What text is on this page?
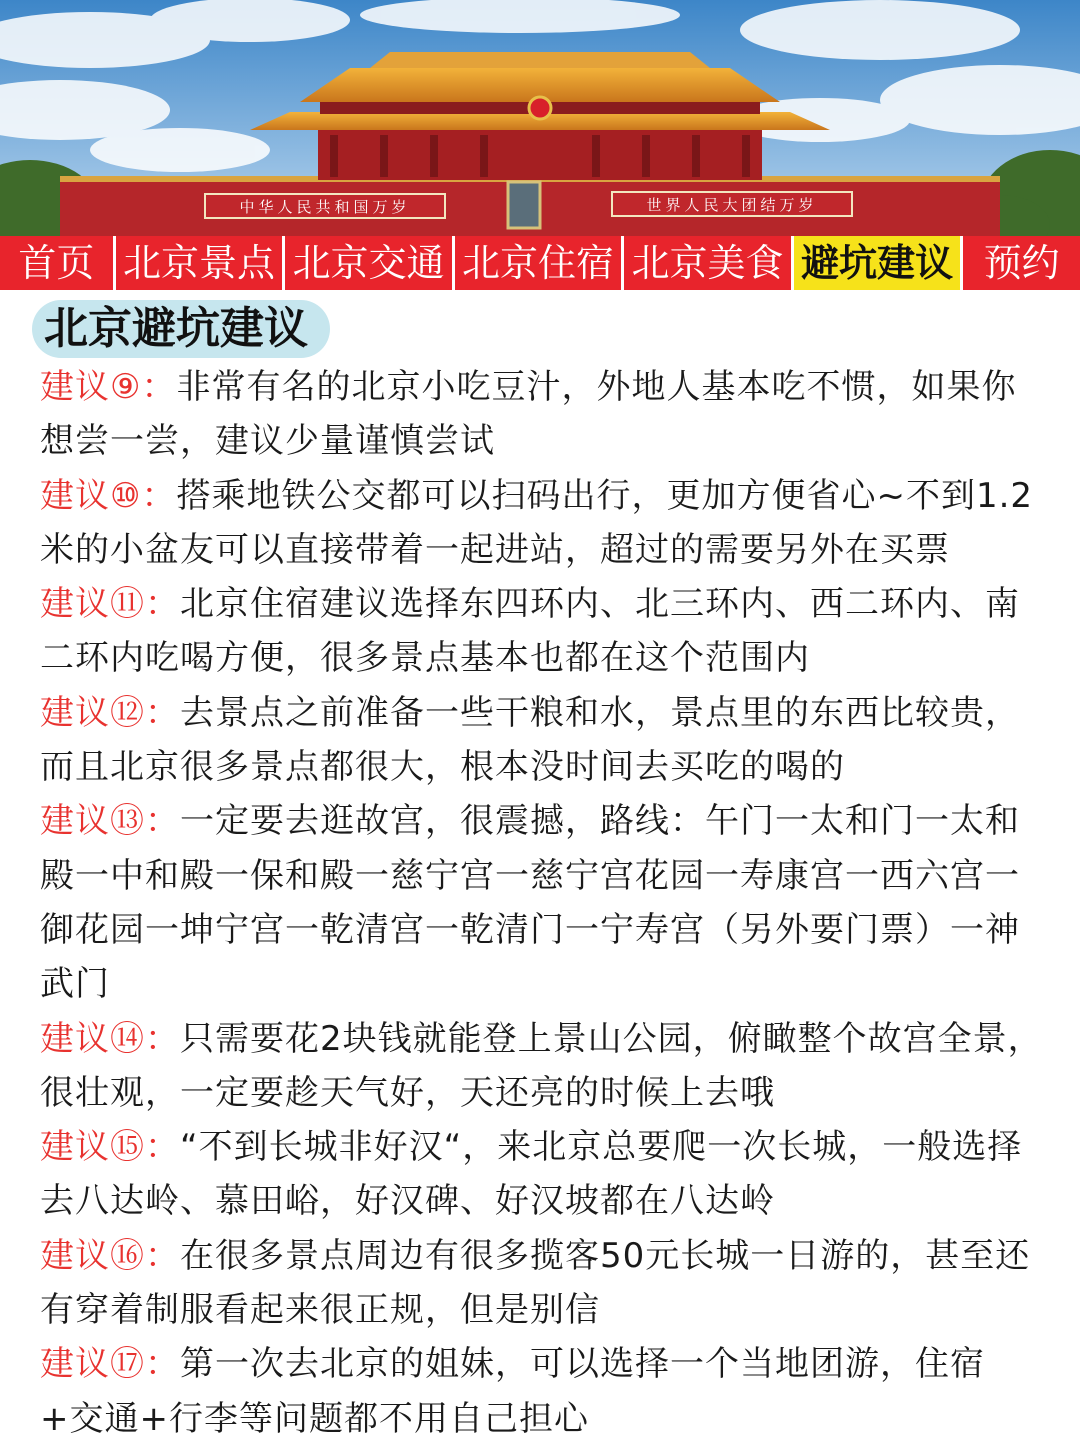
中华人民共和国万岁	世界人民大团结万岁
首页 北京景点 北京交通 北京住宿 北京美食 避坑建议 预约
北京避坑建议

建议⑨：非常有名的北京小吃豆汁，外地人基本吃不惯，如果你想尝一尝，建议少量谨慎尝试

建议⑩：搭乘地铁公交都可以扫码出行，更加方便省心~不到1.2米的小盆友可以直接带着一起进站，超过的需要另外在买票

建议⑪：北京住宿建议选择东四环内、北三环内、西二环内、南二环内吃喝方便，很多景点基本也都在这个范围内

建议⑫：去景点之前准备一些干粮和水，景点里的东西比较贵，而且北京很多景点都很大，根本没时间去买吃的喝的

建议⑬：一定要去逛故宫，很震撼，路线：午门一太和门一太和殿一中和殿一保和殿一慈宁宫一慈宁宫花园一寿康宫一西六宫一御花园一坤宁宫一乾清宫一乾清门一宁寿宫（另外要门票）一神武门

建议⑭：只需要花2块钱就能登上景山公园，俯瞰整个故宫全景，很壮观，一定要趁天气好，天还亮的时候上去哦

建议⑮：“不到长城非好汉“，来北京总要爬一次长城，一般选择去八达岭、慕田峪，好汉碑、好汉坡都在八达岭

建议⑯：在很多景点周边有很多揽客50元长城一日游的，甚至还有穿着制服看起来很正规，但是别信

建议⑰：第一次去北京的姐妹，可以选择一个当地团游，住宿+交通+行李等问题都不用自己担心
